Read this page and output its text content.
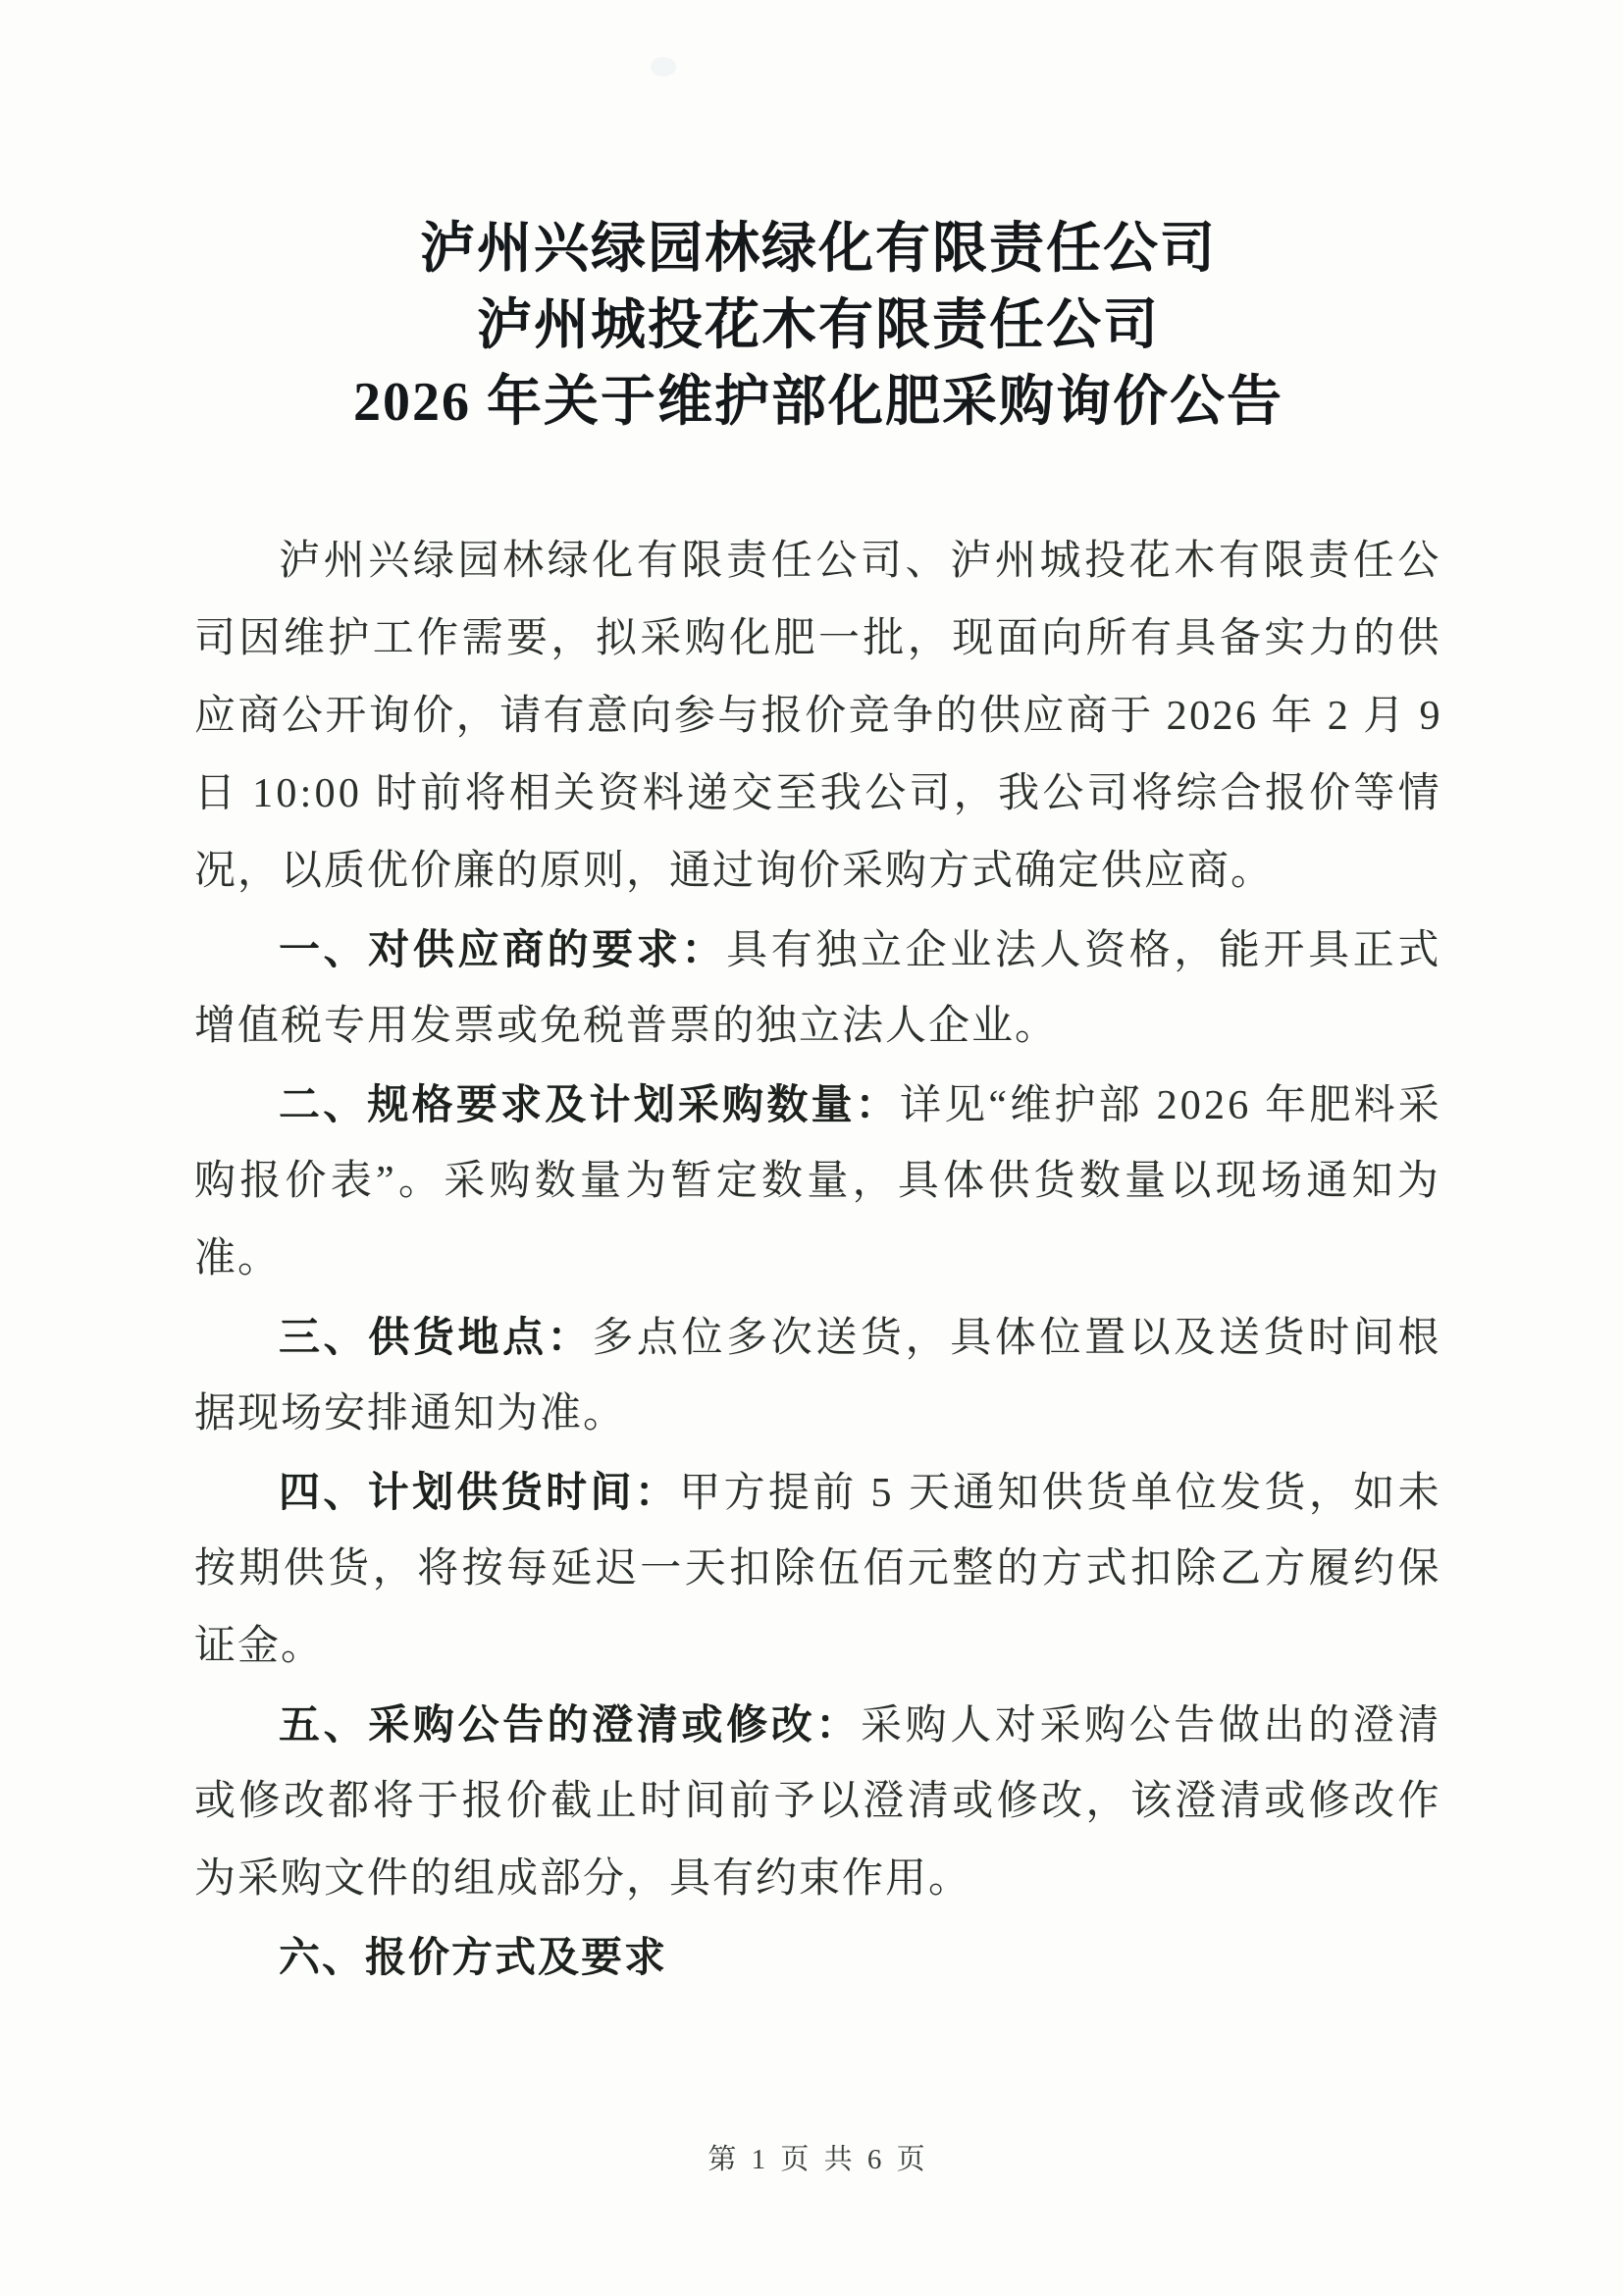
泸州兴绿园林绿化有限责任公司
泸州城投花木有限责任公司
2026 年关于维护部化肥采购询价公告
泸州兴绿园林绿化有限责任公司、泸州城投花木有限责任公
司因维护工作需要，拟采购化肥一批，现面向所有具备实力的供
应商公开询价，请有意向参与报价竞争的供应商于 2026 年 2 月 9
日 10:00 时前将相关资料递交至我公司，我公司将综合报价等情
况，以质优价廉的原则，通过询价采购方式确定供应商。
一、对供应商的要求：具有独立企业法人资格，能开具正式
增值税专用发票或免税普票的独立法人企业。
二、规格要求及计划采购数量：详见“维护部 2026 年肥料采
购报价表”。采购数量为暂定数量，具体供货数量以现场通知为
准。
三、供货地点：多点位多次送货，具体位置以及送货时间根
据现场安排通知为准。
四、计划供货时间：甲方提前 5 天通知供货单位发货，如未
按期供货，将按每延迟一天扣除伍佰元整的方式扣除乙方履约保
证金。
五、采购公告的澄清或修改：采购人对采购公告做出的澄清
或修改都将于报价截止时间前予以澄清或修改，该澄清或修改作
为采购文件的组成部分，具有约束作用。
六、报价方式及要求
第 1 页 共 6 页
